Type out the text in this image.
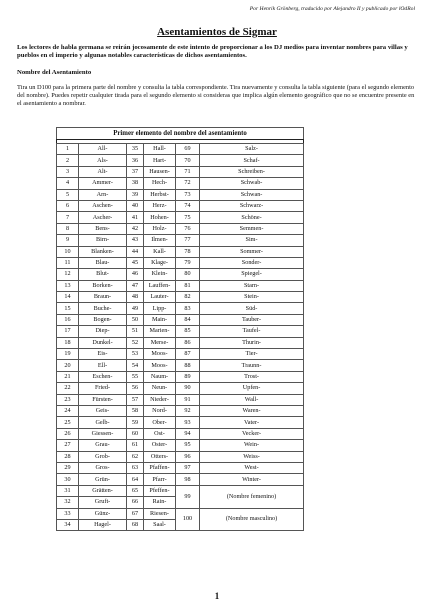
Por Henrik Grönberg, traducido por Alejandro II y publicado por lOdRol
Asentamientos de Sigmar
Los lectores de habla germana se reirán jocosamente de este intento de proporcionar a los DJ medios para inventar nombres para villas y pueblos en el imperio y algunas notables características de dichos asentamientos.
Nombre del Asentamiento
Tira un D100 para la primera parte del nombre y consulta la tabla correspondiente. Tira nuevamente y consulta la tabla siguiente (para el segundo elemento del nombre). Puedes repetir cualquier tirada para el segundo elemento si consideras que implica algún elemento geográfico que no se encuentre presente en el asentamiento a nombrar.
Primer elemento del nombre del asentamiento					

1	All-	35	Hall-	69	Salz-
2	Als-	36	Hart-	70	Schaf-
3	Alt-	37	Hausen-	71	Schreiben-
4	Ammer-	38	Hech-	72	Schwab-
5	Arn-	39	Herbst-	73	Schwan-
6	Aschen-	40	Herz-	74	Schwarz-
7	Ascher-	41	Hohen-	75	Schöne-
8	Bens-	42	Holz-	76	Semmen-
9	Birn-	43	Ilmen-	77	Sim-
10	Blanken-	44	Kall-	78	Sommer-
11	Blau-	45	Klage-	79	Sonder-
12	Blut-	46	Klein-	80	Spiegel-
13	Borken-	47	Lauffen-	81	Starn-
14	Braun-	48	Lauter-	82	Stein-
15	Buche-	49	Lipp-	83	Süd-
16	Bogen-	50	Main-	84	Tauber-
17	Diep-	51	Marien-	85	Taufel-
18	Dunkel-	52	Merse-	86	Thurin-
19	Eis-	53	Moos-	87	Tier-
20	Ell-	54	Moos-	88	Traunn-
21	Eschen-	55	Naum-	89	Trost-
22	Fried-	56	Neun-	90	Upfen-
23	Fürsten-	57	Nieder-	91	Wall-
24	Geis-	58	Nord-	92	Waren-
25	Gelb-	59	Ober-	93	Vater-
26	Giessen-	60	Ost-	94	Vecker-
27	Grau-	61	Oster-	95	Wein-
28	Grob-	62	Otters-	96	Weiss-
29	Gros-	63	Pfaffen-	97	West-
30	Grün-	64	Pfarr-	98	Winter-
31	Grätten-	65	Pfeffen-	99	(Nombre femenino)
32	Gruft-	66	Rain-		
33	Günz-	67	Riesen-	100	(Nombre masculino)
34	Hagel-	68	Saal-		
1
